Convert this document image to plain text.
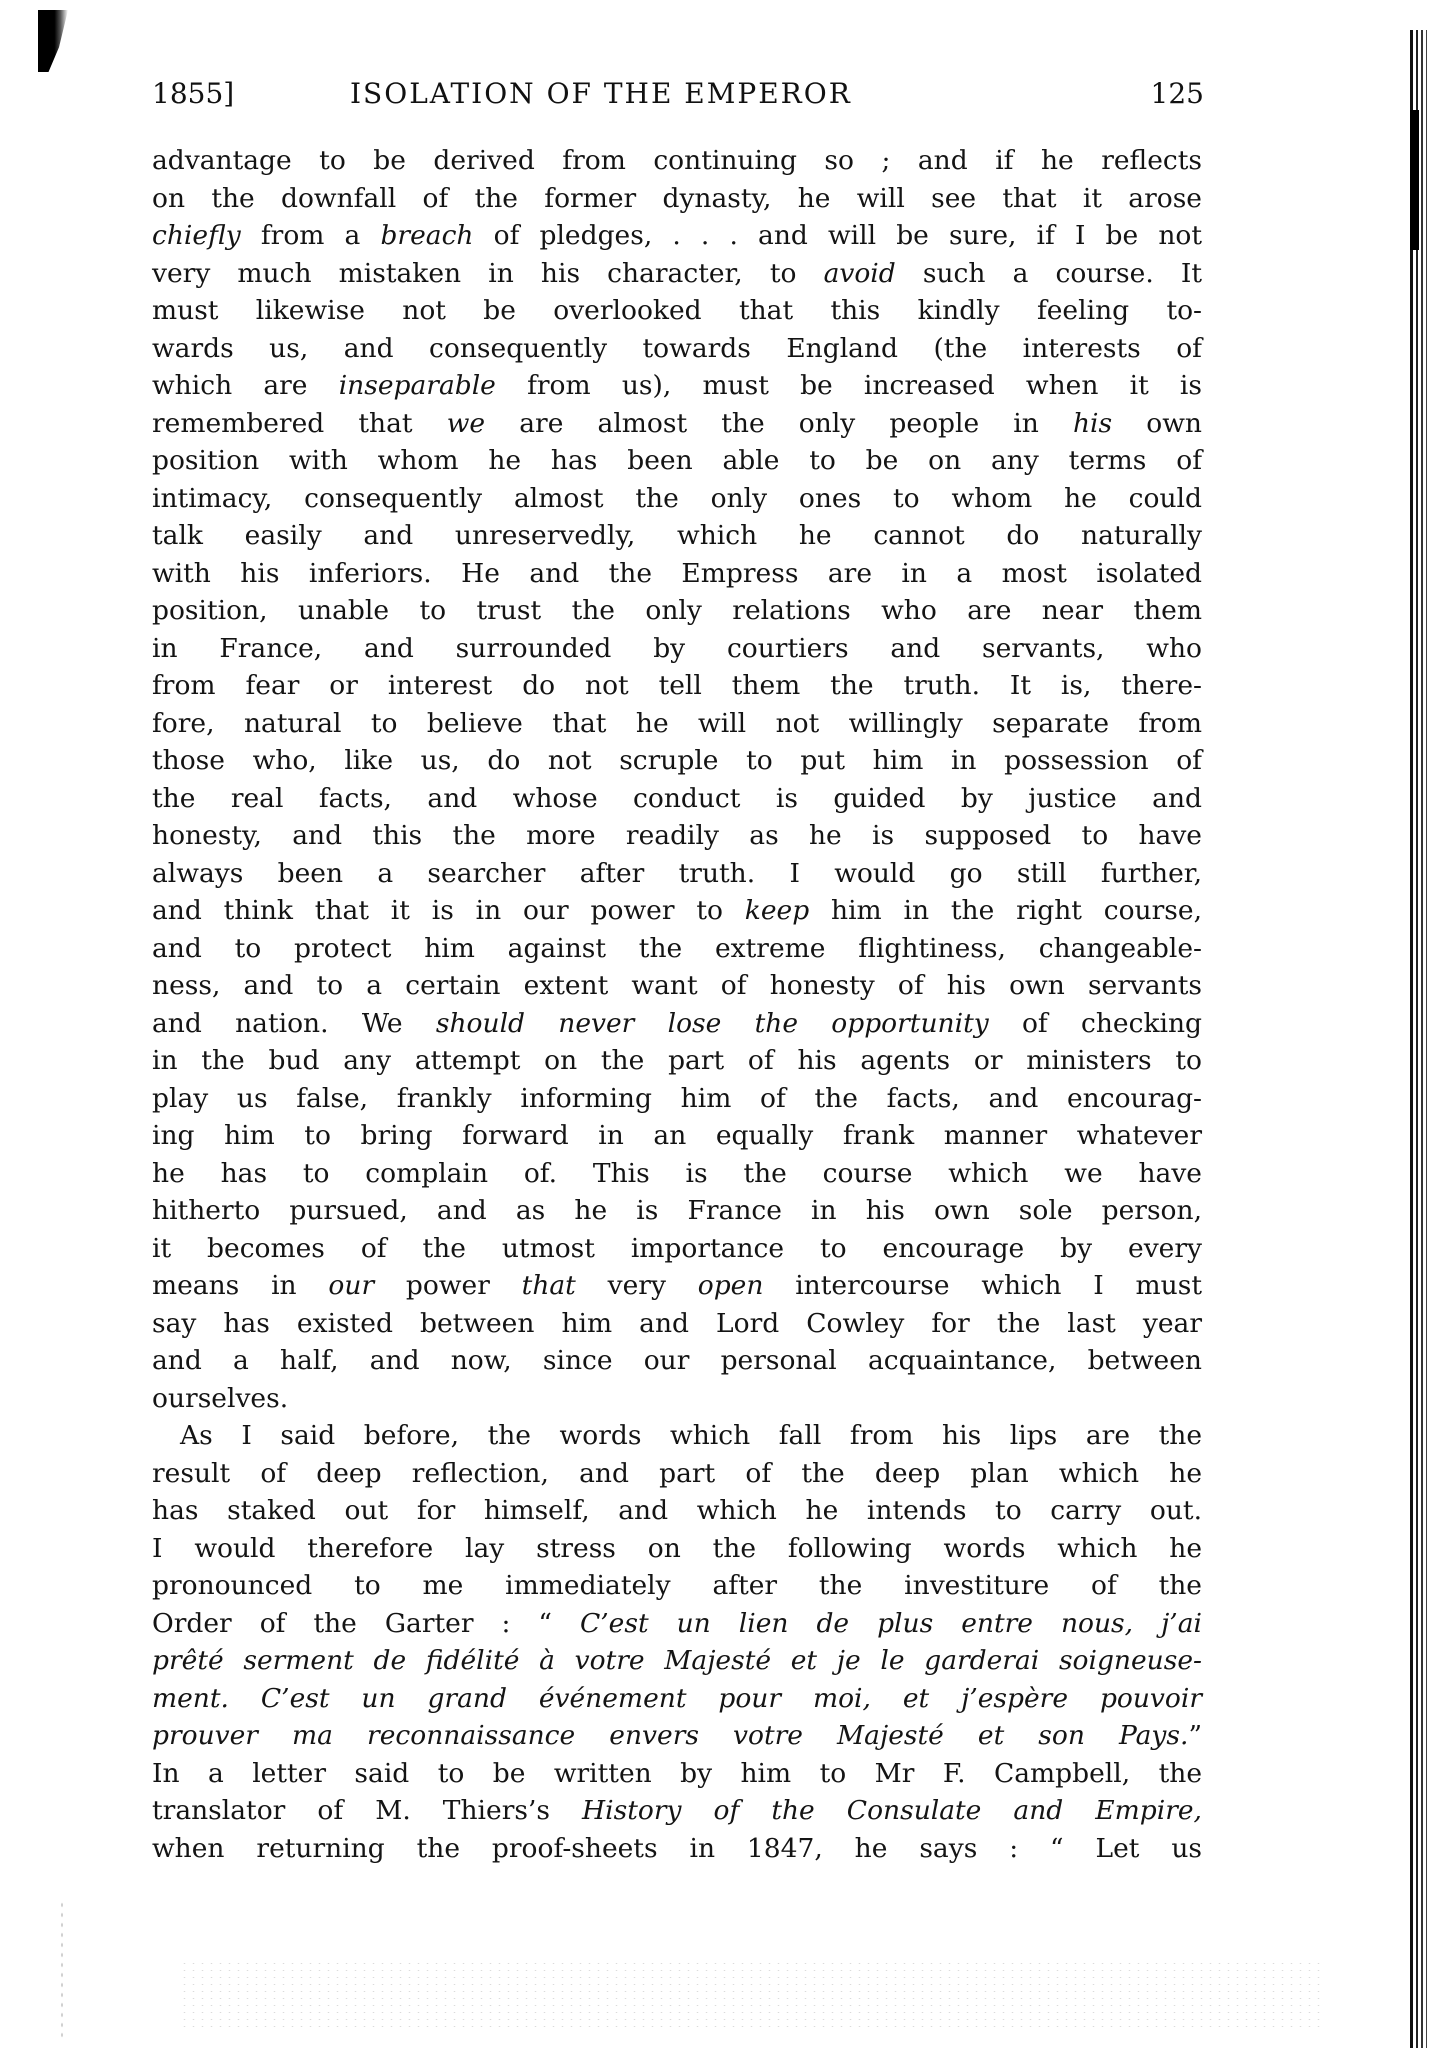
1855]	ISOLATION OF THE EMPEROR	125
advantage to be derived from continuing so ; and if he reflects
on the downfall of the former dynasty, he will see that it arose
chiefly from a breach of pledges, . . . and will be sure, if I be not
very much mistaken in his character, to avoid such a course. It
must likewise not be overlooked that this kindly feeling to-
wards us, and consequently towards England (the interests of
which are inseparable from us), must be increased when it is
remembered that we are almost the only people in his own
position with whom he has been able to be on any terms of
intimacy, consequently almost the only ones to whom he could
talk easily and unreservedly, which he cannot do naturally
with his inferiors. He and the Empress are in a most isolated
position, unable to trust the only relations who are near them
in France, and surrounded by courtiers and servants, who
from fear or interest do not tell them the truth. It is, there-
fore, natural to believe that he will not willingly separate from
those who, like us, do not scruple to put him in possession of
the real facts, and whose conduct is guided by justice and
honesty, and this the more readily as he is supposed to have
always been a searcher after truth. I would go still further,
and think that it is in our power to keep him in the right course,
and to protect him against the extreme flightiness, changeable-
ness, and to a certain extent want of honesty of his own servants
and nation. We should never lose the opportunity of checking
in the bud any attempt on the part of his agents or ministers to
play us false, frankly informing him of the facts, and encourag-
ing him to bring forward in an equally frank manner whatever
he has to complain of. This is the course which we have
hitherto pursued, and as he is France in his own sole person,
it becomes of the utmost importance to encourage by every
means in our power that very open intercourse which I must
say has existed between him and Lord Cowley for the last year
and a half, and now, since our personal acquaintance, between
ourselves.
As I said before, the words which fall from his lips are the
result of deep reflection, and part of the deep plan which he
has staked out for himself, and which he intends to carry out.
I would therefore lay stress on the following words which he
pronounced to me immediately after the investiture of the
Order of the Garter : “ C’est un lien de plus entre nous, j’ai
prêté serment de fidélité à votre Majesté et je le garderai soigneuse-
ment. C’est un grand événement pour moi, et j’espère pouvoir
prouver ma reconnaissance envers votre Majesté et son Pays.”
In a letter said to be written by him to Mr F. Campbell, the
translator of M. Thiers’s History of the Consulate and Empire,
when returning the proof-sheets in 1847, he says : “ Let us
